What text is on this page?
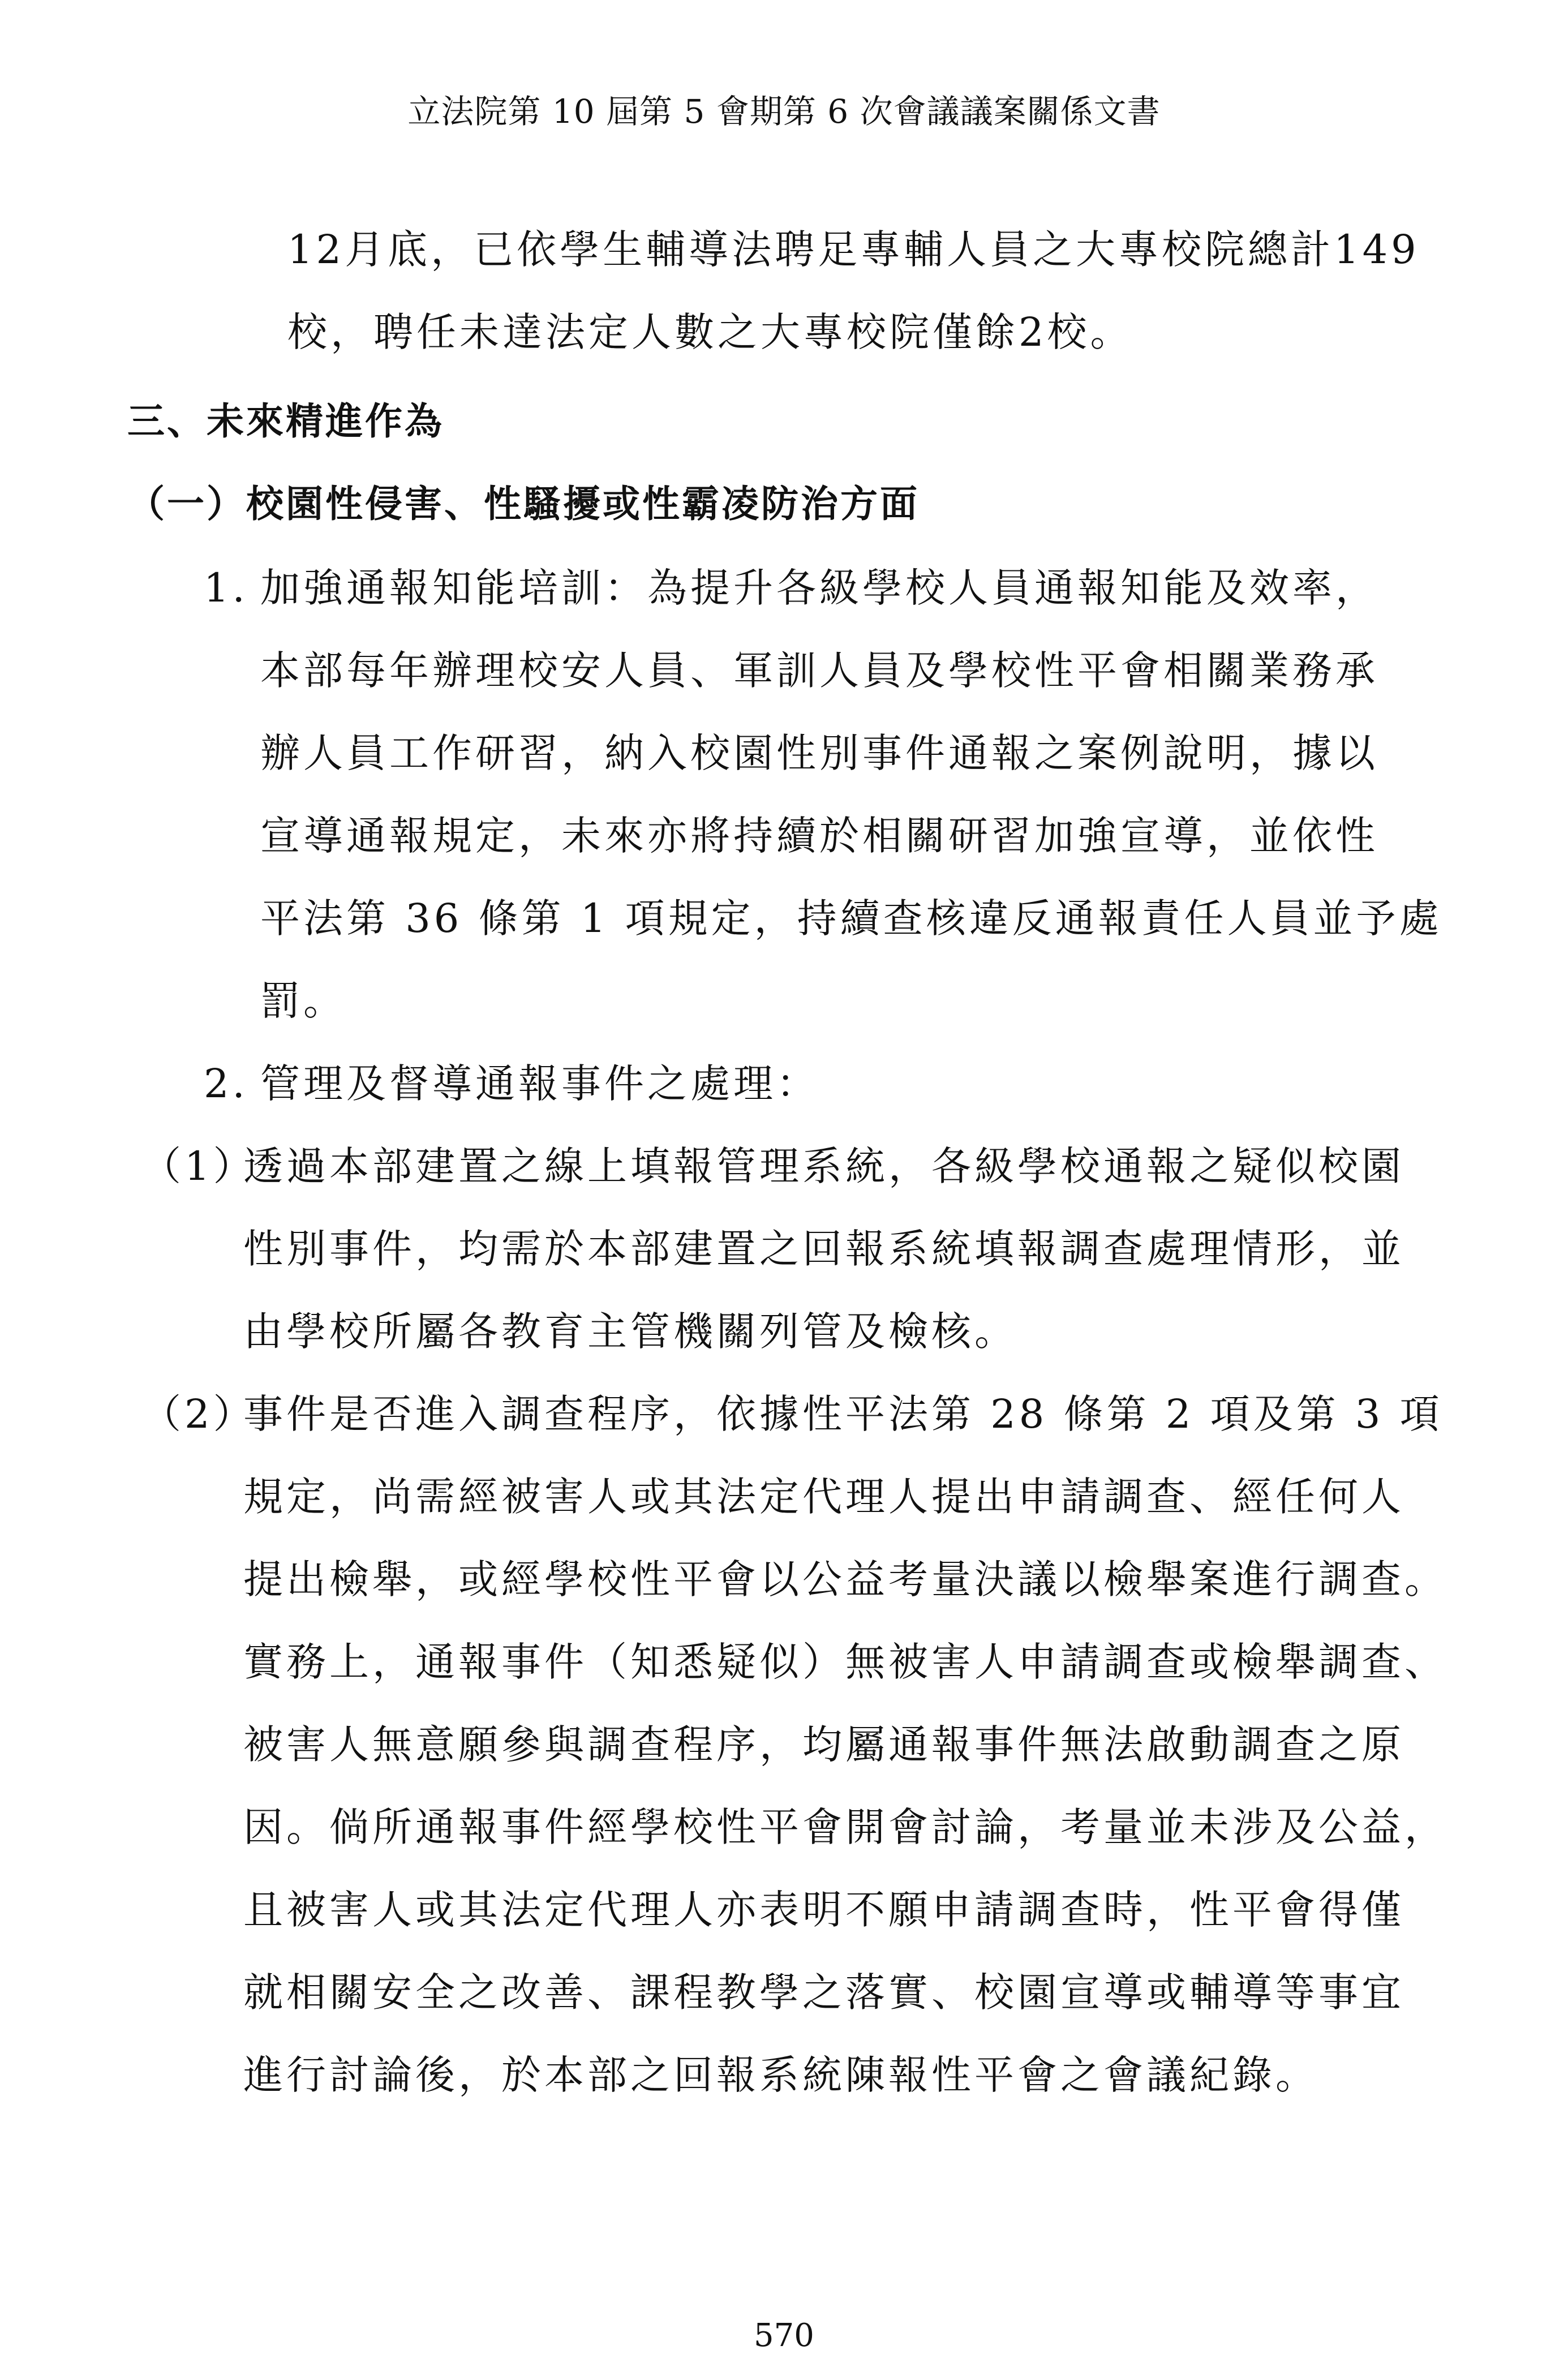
立法院第 10 屆第 5 會期第 6 次會議議案關係文書
12月底，已依學生輔導法聘足專輔人員之大專校院總計149
校，聘任未達法定人數之大專校院僅餘2校。
三、未來精進作為
（一）校園性侵害、性騷擾或性霸凌防治方面
1. 加強通報知能培訓：為提升各級學校人員通報知能及效率，
本部每年辦理校安人員、軍訓人員及學校性平會相關業務承
辦人員工作研習，納入校園性別事件通報之案例說明，據以
宣導通報規定，未來亦將持續於相關研習加強宣導，並依性
平法第 36 條第 1 項規定，持續查核違反通報責任人員並予處
罰。
2. 管理及督導通報事件之處理：
（1）
透過本部建置之線上填報管理系統，各級學校通報之疑似校園
性別事件，均需於本部建置之回報系統填報調查處理情形，並
由學校所屬各教育主管機關列管及檢核。
（2）
事件是否進入調查程序，依據性平法第 28 條第 2 項及第 3 項
規定，尚需經被害人或其法定代理人提出申請調查、經任何人
提出檢舉，或經學校性平會以公益考量決議以檢舉案進行調查。
實務上，通報事件（知悉疑似）無被害人申請調查或檢舉調查、
被害人無意願參與調查程序，均屬通報事件無法啟動調查之原
因。倘所通報事件經學校性平會開會討論，考量並未涉及公益，
且被害人或其法定代理人亦表明不願申請調查時，性平會得僅
就相關安全之改善、課程教學之落實、校園宣導或輔導等事宜
進行討論後，於本部之回報系統陳報性平會之會議紀錄。
570
